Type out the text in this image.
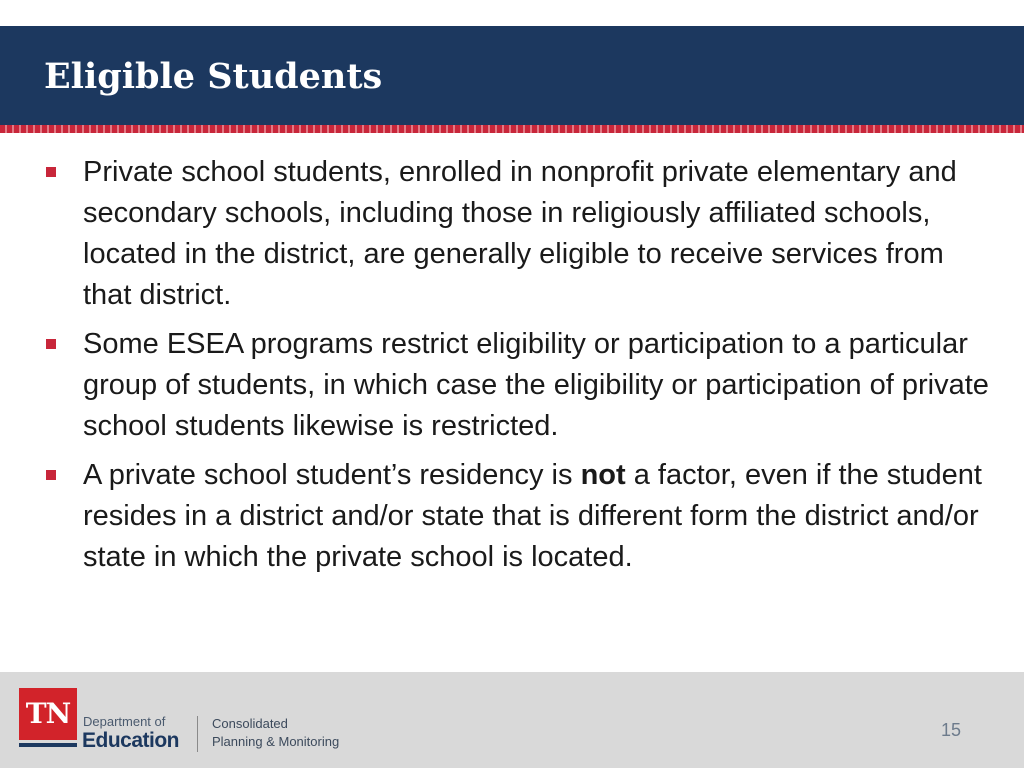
Eligible Students
Private school students, enrolled in nonprofit private elementary and secondary schools, including those in religiously affiliated schools, located in the district, are generally eligible to receive services from that district.
Some ESEA programs restrict eligibility or participation to a particular group of students, in which case the eligibility or participation of private school students likewise is restricted.
A private school student’s residency is not a factor, even if the student resides in a district and/or state that is different form the district and/or state in which the private school is located.
TN Department of
Education
Consolidated
Planning & Monitoring
15
